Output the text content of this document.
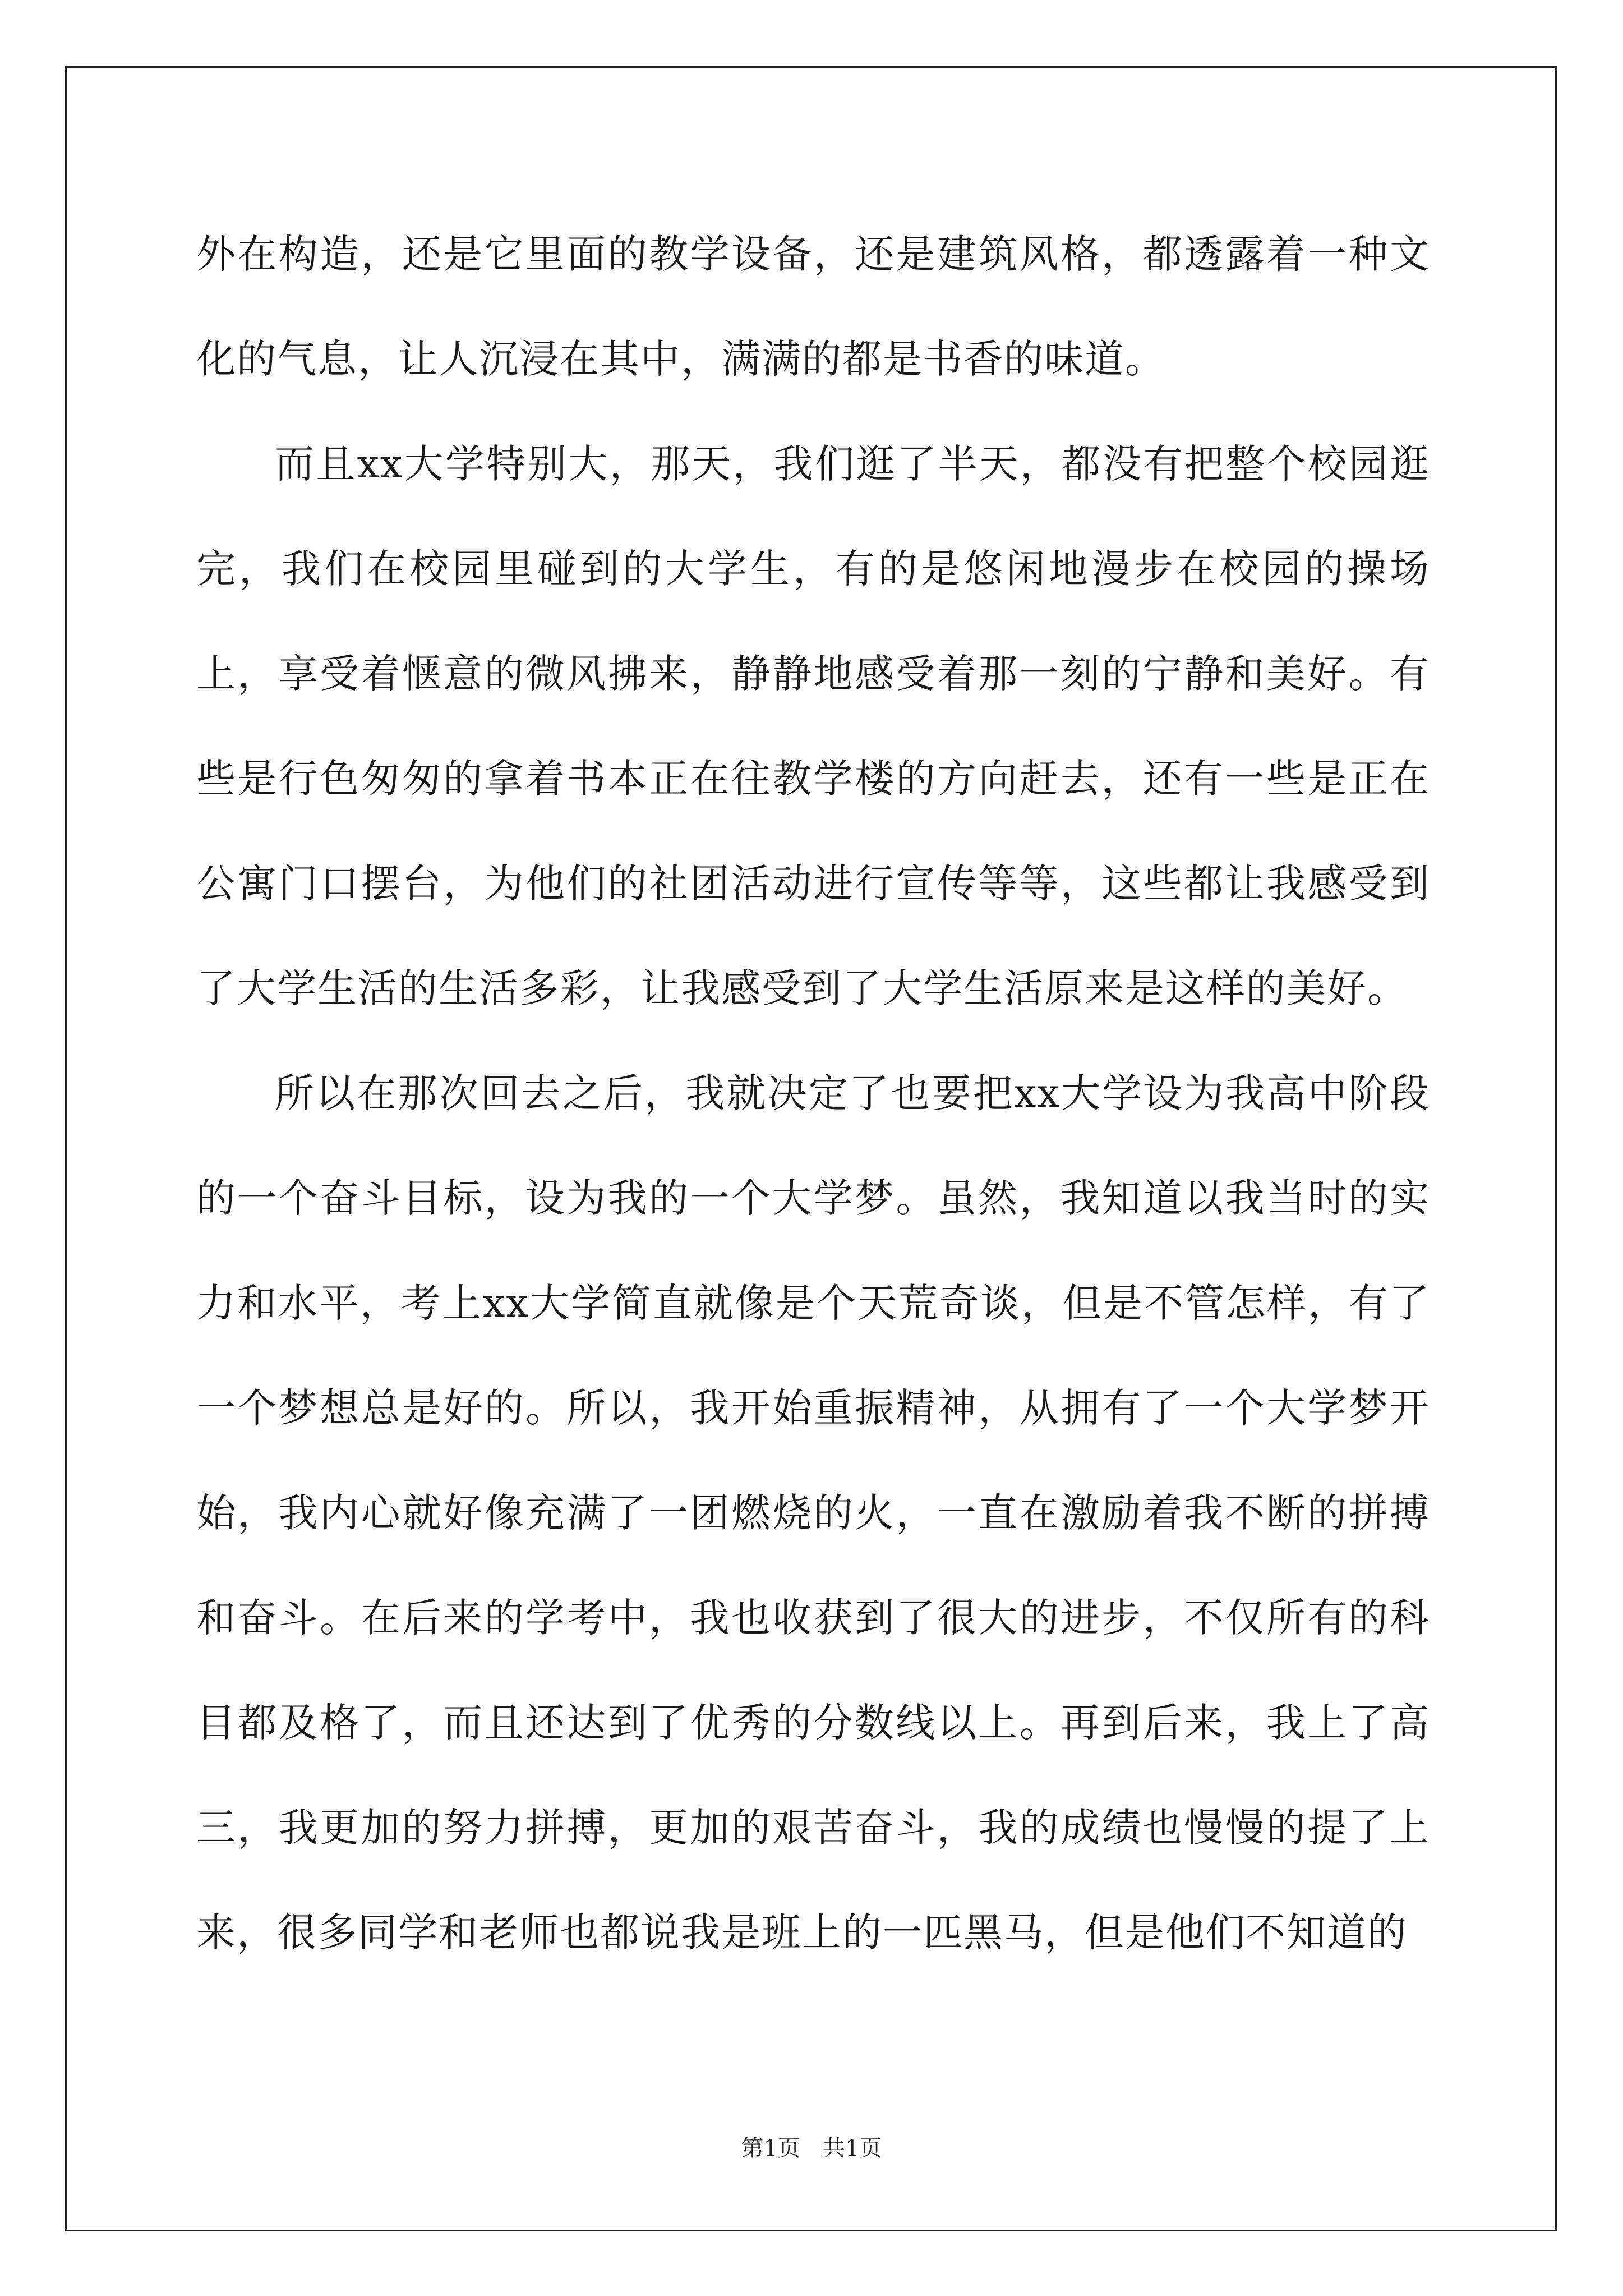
外在构造，还是它里面的教学设备，还是建筑风格，都透露着一种文化的气息，让人沉浸在其中，满满的都是书香的味道。

而且xx大学特别大，那天，我们逛了半天，都没有把整个校园逛完，我们在校园里碰到的大学生，有的是悠闲地漫步在校园的操场上，享受着惬意的微风拂来，静静地感受着那一刻的宁静和美好。有些是行色匆匆的拿着书本正在往教学楼的方向赶去，还有一些是正在公寓门口摆台，为他们的社团活动进行宣传等等，这些都让我感受到了大学生活的生活多彩，让我感受到了大学生活原来是这样的美好。

所以在那次回去之后，我就决定了也要把xx大学设为我高中阶段的一个奋斗目标，设为我的一个大学梦。虽然，我知道以我当时的实力和水平，考上xx大学简直就像是个天荒奇谈，但是不管怎样，有了一个梦想总是好的。所以，我开始重振精神，从拥有了一个大学梦开始，我内心就好像充满了一团燃烧的火，一直在激励着我不断的拼搏和奋斗。在后来的学考中，我也收获到了很大的进步，不仅所有的科目都及格了，而且还达到了优秀的分数线以上。再到后来，我上了高三，我更加的努力拼搏，更加的艰苦奋斗，我的成绩也慢慢的提了上来，很多同学和老师也都说我是班上的一匹黑马，但是他们不知道的

第1页 共1页
